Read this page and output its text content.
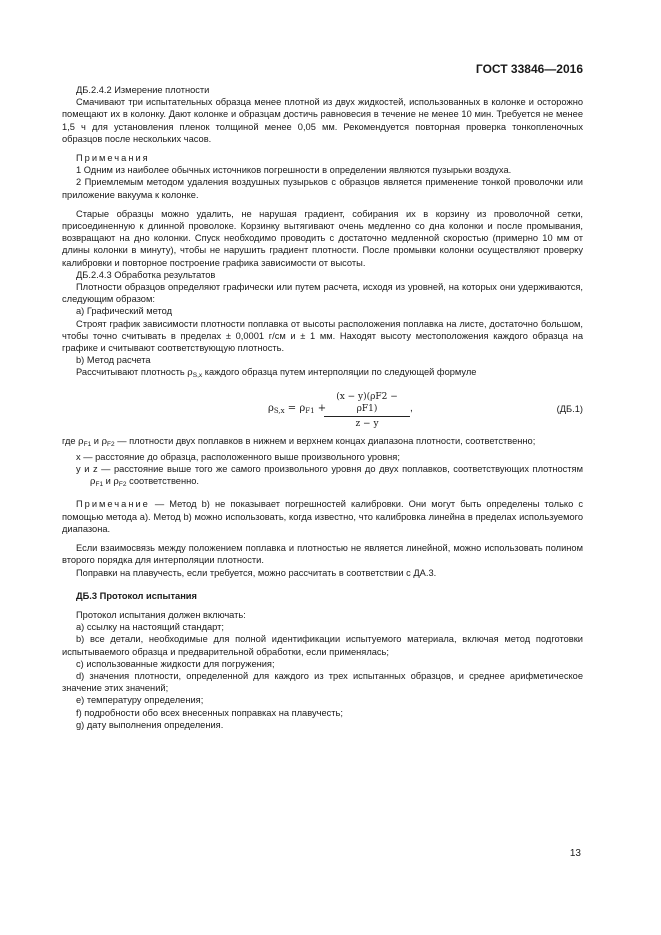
ГОСТ 33846—2016

ДБ.2.4.2 Измерение плотности

Смачивают три испытательных образца менее плотной из двух жидкостей, использованных в колонке и осторожно помещают их в колонку. Дают колонке и образцам достичь равновесия в течение не менее 10 мин. Требуется не менее 1,5 ч для установления пленок толщиной менее 0,05 мм. Рекомендуется повторная проверка тонкопленочных образцов после нескольких часов.

Примечания

1 Одним из наиболее обычных источников погрешности в определении являются пузырьки воздуха.

2 Приемлемым методом удаления воздушных пузырьков с образцов является применение тонкой проволочки или приложение вакуума к колонке.

Старые образцы можно удалить, не нарушая градиент, собирания их в корзину из проволочной сетки, присоединенную к длинной проволоке. Корзинку вытягивают очень медленно со дна колонки и после промывания, возвращают на дно колонки. Спуск необходимо проводить с достаточно медленной скоростью (примерно 10 мм от длины колонки в минуту), чтобы не нарушить градиент плотности. После промывки колонки осуществляют проверку калибровки и повторное построение графика зависимости от высоты.

ДБ.2.4.3 Обработка результатов

Плотности образцов определяют графически или путем расчета, исходя из уровней, на которых они удерживаются, следующим образом:

а) Графический метод

Строят график зависимости плотности поплавка от высоты расположения поплавка на листе, достаточно большом, чтобы точно считывать в пределах ± 0,0001 г/см и ± 1 мм. Находят высоту местоположения каждого образца на графике и считывают соответствующую плотность.

b) Метод расчета

Рассчитывают плотность $\rho_{S,x}$ каждого образца путем интерполяции по следующей формуле

$\rho_{S,x} = \rho_{F1}$ +
$\frac{(x - y)(\rho F2 - \rho F1)}{z - y}$ ,	(ДБ.1)

где $\rho_{F1}$ и $\rho_{F2}$ — плотности двух поплавков в нижнем и верхнем концах диапазона плотности, соответственно;

x — расстояние до образца, расположенного выше произвольного уровня;

y и z — расстояние выше того же самого произвольного уровня до двух поплавков, соответствующих плотностям $\rho_{F1}$ и $\rho_{F2}$ соответственно.

Примечание — Метод b) не показывает погрешностей калибровки. Они могут быть определены только с помощью метода а). Метод b) можно использовать, когда известно, что калибровка линейна в пределах используемого диапазона.

Если взаимосвязь между положением поплавка и плотностью не является линейной, можно использовать полином второго порядка для интерполяции плотности.

Поправки на плавучесть, если требуется, можно рассчитать в соответствии с ДА.3.

ДБ.3 Протокол испытания

Протокол испытания должен включать:

а) ссылку на настоящий стандарт;

b) все детали, необходимые для полной идентификации испытуемого материала, включая метод подготовки испытываемого образца и предварительной обработки, если применялась;

с) использованные жидкости для погружения;

d) значения плотности, определенной для каждого из трех испытанных образцов, и среднее арифметическое значение этих значений;

е) температуру определения;

f) подробности обо всех внесенных поправках на плавучесть;

g) дату выполнения определения.

13
